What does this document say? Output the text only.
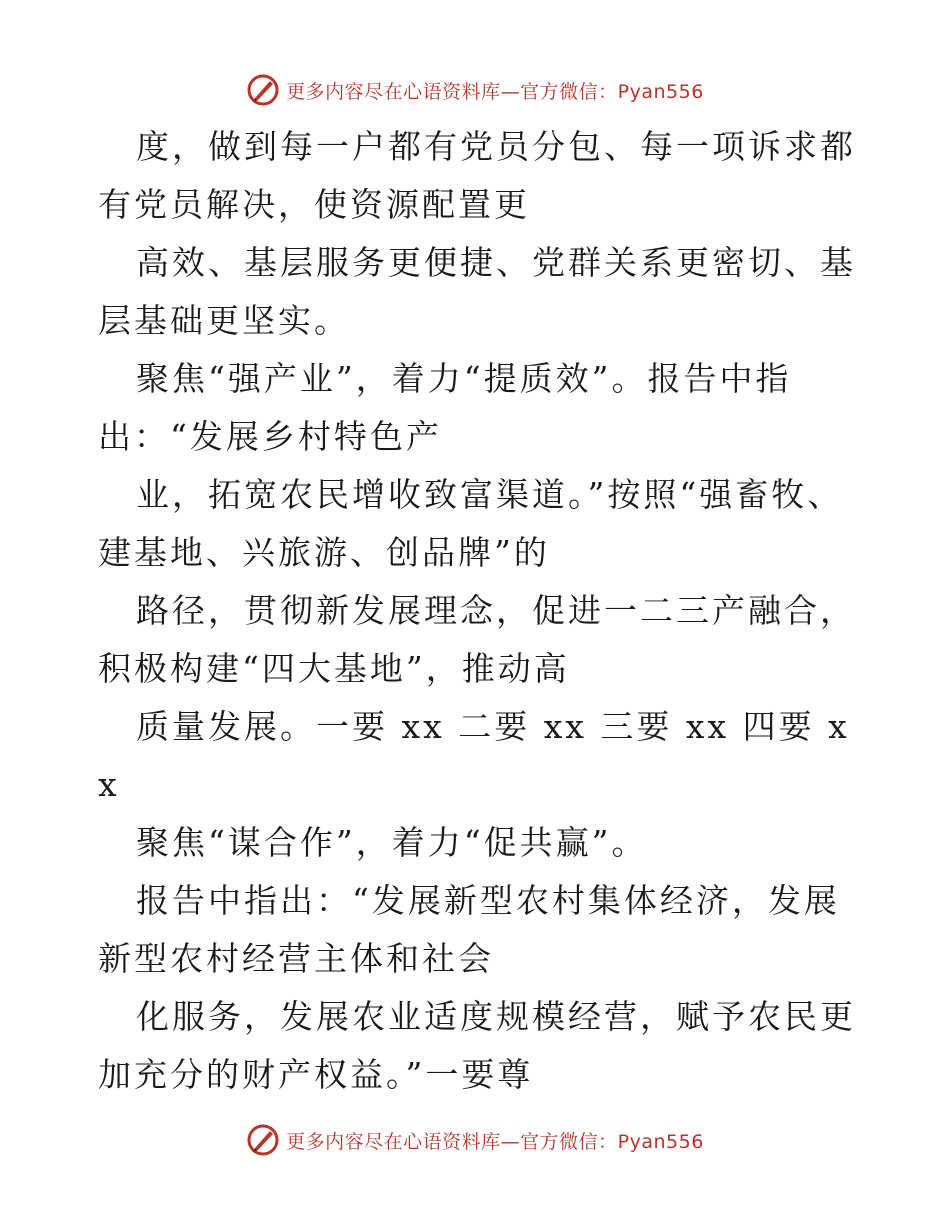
更多内容尽在心语资料库—官方微信：Pyan556

度，做到每一户都有党员分包、每一项诉求都有党员解决，使资源配置更

高效、基层服务更便捷、党群关系更密切、基层基础更坚实。

聚焦“强产业”，着力“提质效”。报告中指出：“发展乡村特色产

业，拓宽农民增收致富渠道。”按照“强畜牧、建基地、兴旅游、创品牌”的

路径，贯彻新发展理念，促进一二三产融合，积极构建“四大基地”，推动高

质量发展。一要 xx 二要 xx 三要 xx 四要 xx

聚焦“谋合作”，着力“促共赢”。

报告中指出：“发展新型农村集体经济，发展新型农村经营主体和社会

化服务，发展农业适度规模经营，赋予农民更加充分的财产权益。”一要尊

更多内容尽在心语资料库—官方微信：Pyan556
